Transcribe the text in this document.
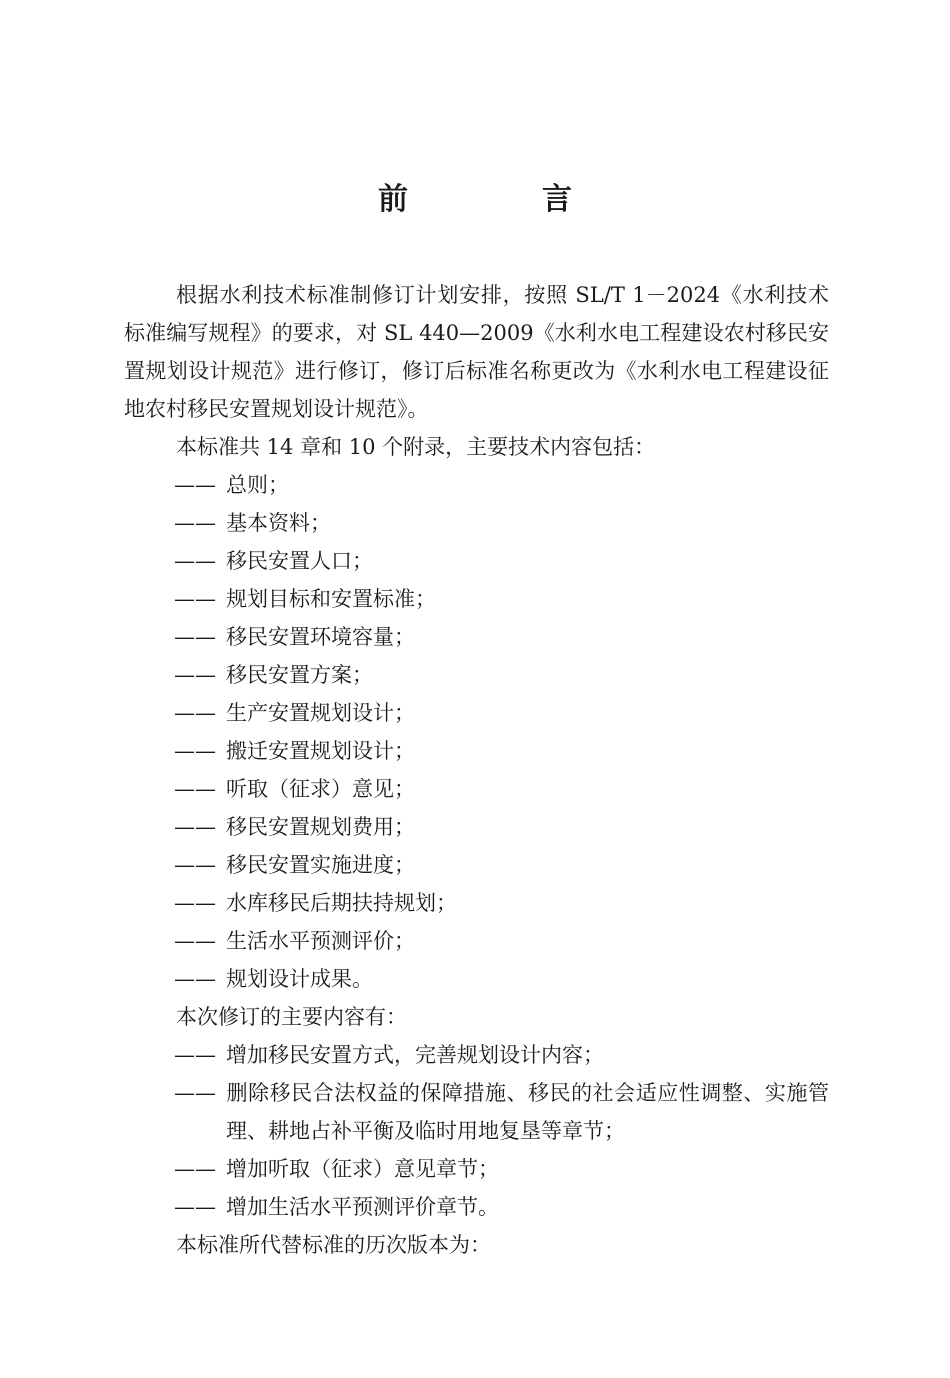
前　言

根据水利技术标准制修订计划安排，按照 SL/T 1－2024《水利技术标准编写规程》的要求，对 SL 440—2009《水利水电工程建设农村移民安置规划设计规范》进行修订，修订后标准名称更改为《水利水电工程建设征地农村移民安置规划设计规范》。

本标准共 14 章和 10 个附录，主要技术内容包括：

—— 总则；

—— 基本资料；

—— 移民安置人口；

—— 规划目标和安置标准；

—— 移民安置环境容量；

—— 移民安置方案；

—— 生产安置规划设计；

—— 搬迁安置规划设计；

—— 听取（征求）意见；

—— 移民安置规划费用；

—— 移民安置实施进度；

—— 水库移民后期扶持规划；

—— 生活水平预测评价；

—— 规划设计成果。

本次修订的主要内容有：

—— 增加移民安置方式，完善规划设计内容；

—— 删除移民合法权益的保障措施、移民的社会适应性调整、实施管理、耕地占补平衡及临时用地复垦等章节；

—— 增加听取（征求）意见章节；

—— 增加生活水平预测评价章节。

本标准所代替标准的历次版本为：
